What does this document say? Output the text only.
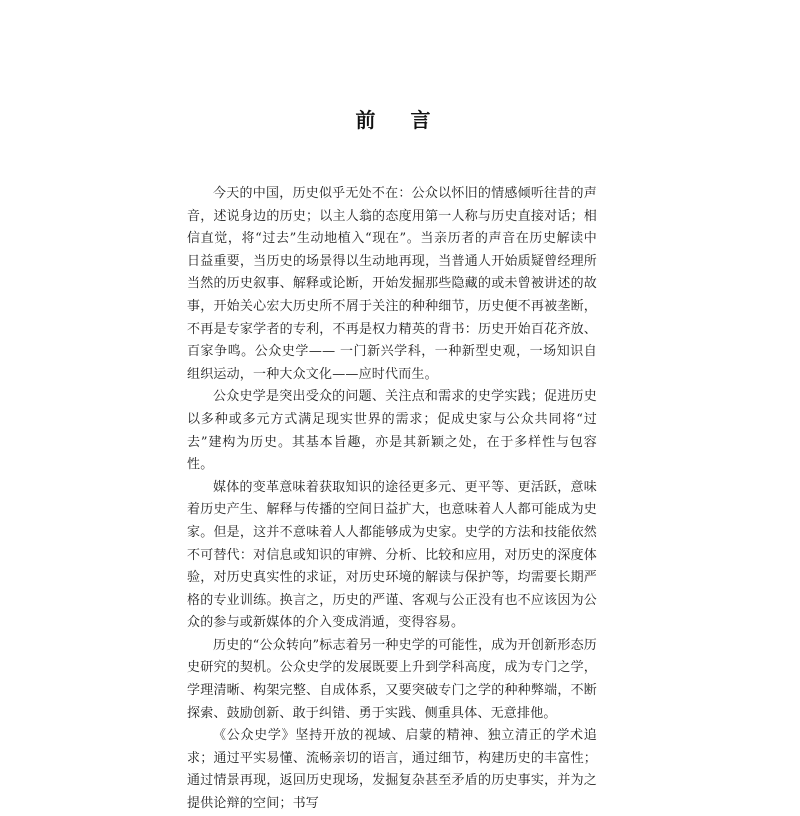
前 言

今天的中国，历史似乎无处不在：公众以怀旧的情感倾听往昔的声音，述说身边的历史；以主人翁的态度用第一人称与历史直接对话；相信直觉，将“过去”生动地植入“现在”。当亲历者的声音在历史解读中日益重要，当历史的场景得以生动地再现，当普通人开始质疑曾经理所当然的历史叙事、解释或论断，开始发掘那些隐藏的或未曾被讲述的故事，开始关心宏大历史所不屑于关注的种种细节，历史便不再被垄断，不再是专家学者的专利，不再是权力精英的背书：历史开始百花齐放、百家争鸣。公众史学—— 一门新兴学科，一种新型史观，一场知识自组织运动，一种大众文化——应时代而生。

公众史学是突出受众的问题、关注点和需求的史学实践；促进历史以多种或多元方式满足现实世界的需求；促成史家与公众共同将“过去”建构为历史。其基本旨趣，亦是其新颖之处，在于多样性与包容性。

媒体的变革意味着获取知识的途径更多元、更平等、更活跃，意味着历史产生、解释与传播的空间日益扩大，也意味着人人都可能成为史家。但是，这并不意味着人人都能够成为史家。史学的方法和技能依然不可替代：对信息或知识的审辨、分析、比较和应用，对历史的深度体验，对历史真实性的求证，对历史环境的解读与保护等，均需要长期严格的专业训练。换言之，历史的严谨、客观与公正没有也不应该因为公众的参与或新媒体的介入变成消遁，变得容易。

历史的“公众转向”标志着另一种史学的可能性，成为开创新形态历史研究的契机。公众史学的发展既要上升到学科高度，成为专门之学，学理清晰、构架完整、自成体系，又要突破专门之学的种种弊端，不断探索、鼓励创新、敢于纠错、勇于实践、侧重具体、无意排他。

《公众史学》坚持开放的视域、启蒙的精神、独立清正的学术追求；通过平实易懂、流畅亲切的语言，通过细节，构建历史的丰富性；通过情景再现，返回历史现场，发掘复杂甚至矛盾的历史事实，并为之提供论辩的空间；书写
